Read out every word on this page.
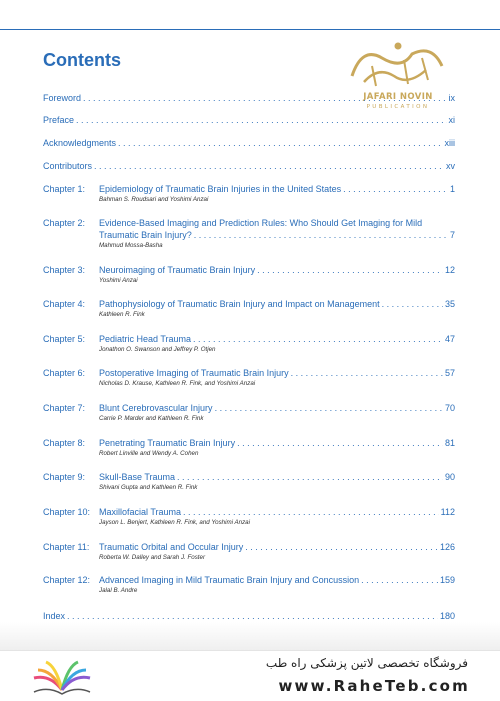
Contents
JAFARI NOVIN
PUBLICATION
Foreword . . .	ix
Preface . . .	xi
Acknowledgments . . .	xiii
Contributors . . .	xv
Chapter 1:	Epidemiology of Traumatic Brain Injuries in the United States . . .	1
Bahman S. Roudsari and Yoshimi Anzai
Chapter 2:	Evidence-Based Imaging and Prediction Rules: Who Should Get Imaging for Mild
Traumatic Brain Injury? . . .	7
Mahmud Mossa-Basha
Chapter 3:	Neuroimaging of Traumatic Brain Injury . . .	12
Yoshimi Anzai
Chapter 4:	Pathophysiology of Traumatic Brain Injury and Impact on Management . . .	35
Kathleen R. Fink
Chapter 5:	Pediatric Head Trauma . . .	47
Jonathon O. Swanson and Jeffrey P. Otjen
Chapter 6:	Postoperative Imaging of Traumatic Brain Injury . . .	57
Nicholas D. Krause, Kathleen R. Fink, and Yoshimi Anzai
Chapter 7:	Blunt Cerebrovascular Injury . . .	70
Carrie P. Marder and Kathleen R. Fink
Chapter 8:	Penetrating Traumatic Brain Injury . . .	81
Robert Linville and Wendy A. Cohen
Chapter 9:	Skull-Base Trauma . . .	90
Shivani Gupta and Kathleen R. Fink
Chapter 10: Maxillofacial Trauma . . .	112
Jayson L. Benjert, Kathleen R. Fink, and Yoshimi Anzai
Chapter 11:	Traumatic Orbital and Occular Injury . . .	126
Roberta W. Dalley and Sarah J. Foster
Chapter 12: Advanced Imaging in Mild Traumatic Brain Injury and Concussion . . .	159
Jalal B. Andre
Index . . .	180
فروشگاه تخصصی لاتین پزشکی راه طب
www.RaheTeb.com
